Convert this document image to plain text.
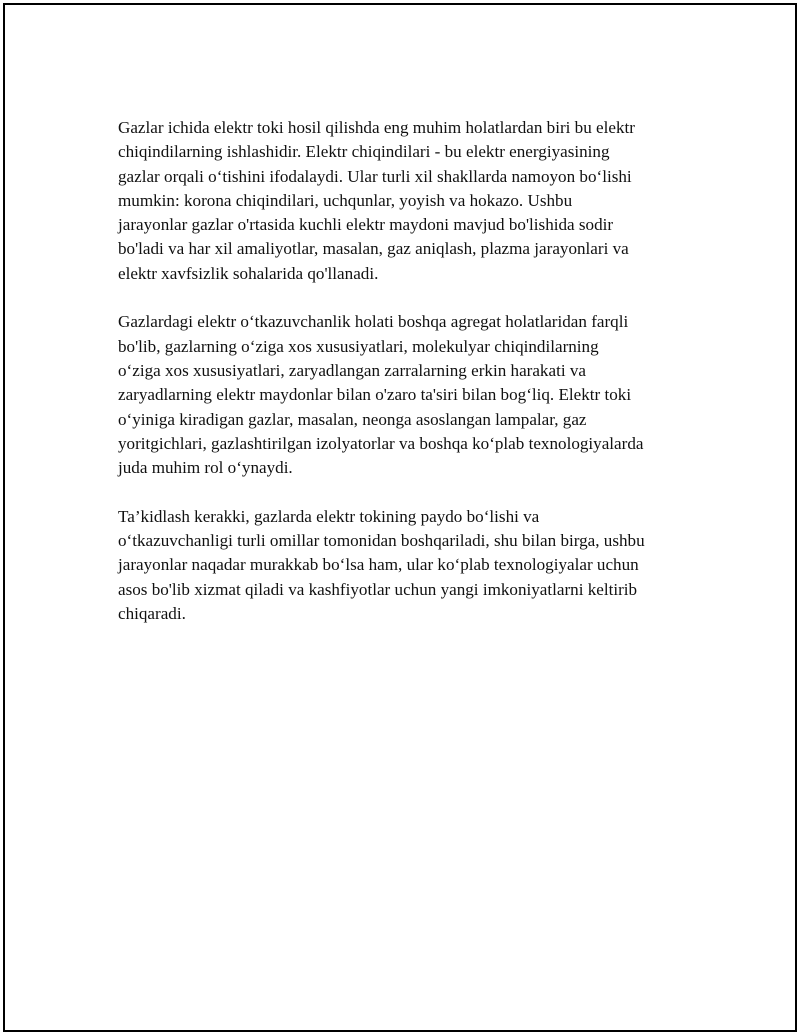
Gazlar ichida elektr toki hosil qilishda eng muhim holatlardan biri bu elektr
chiqindilarning ishlashidir. Elektr chiqindilari - bu elektr energiyasining
gazlar orqali o‘tishini ifodalaydi. Ular turli xil shakllarda namoyon bo‘lishi
mumkin: korona chiqindilari, uchqunlar, yoyish va hokazo. Ushbu
jarayonlar gazlar o'rtasida kuchli elektr maydoni mavjud bo'lishida sodir
bo'ladi va har xil amaliyotlar, masalan, gaz aniqlash, plazma jarayonlari va
elektr xavfsizlik sohalarida qo'llanadi.

Gazlardagi elektr o‘tkazuvchanlik holati boshqa agregat holatlaridan farqli
bo'lib, gazlarning o‘ziga xos xususiyatlari, molekulyar chiqindilarning
o‘ziga xos xususiyatlari, zaryadlangan zarralarning erkin harakati va
zaryadlarning elektr maydonlar bilan o'zaro ta'siri bilan bog‘liq. Elektr toki
o‘yiniga kiradigan gazlar, masalan, neonga asoslangan lampalar, gaz
yoritgichlari, gazlashtirilgan izolyatorlar va boshqa ko‘plab texnologiyalarda
juda muhim rol o‘ynaydi.

Ta’kidlash kerakki, gazlarda elektr tokining paydo bo‘lishi va
o‘tkazuvchanligi turli omillar tomonidan boshqariladi, shu bilan birga, ushbu
jarayonlar naqadar murakkab bo‘lsa ham, ular ko‘plab texnologiyalar uchun
asos bo'lib xizmat qiladi va kashfiyotlar uchun yangi imkoniyatlarni keltirib
chiqaradi.
